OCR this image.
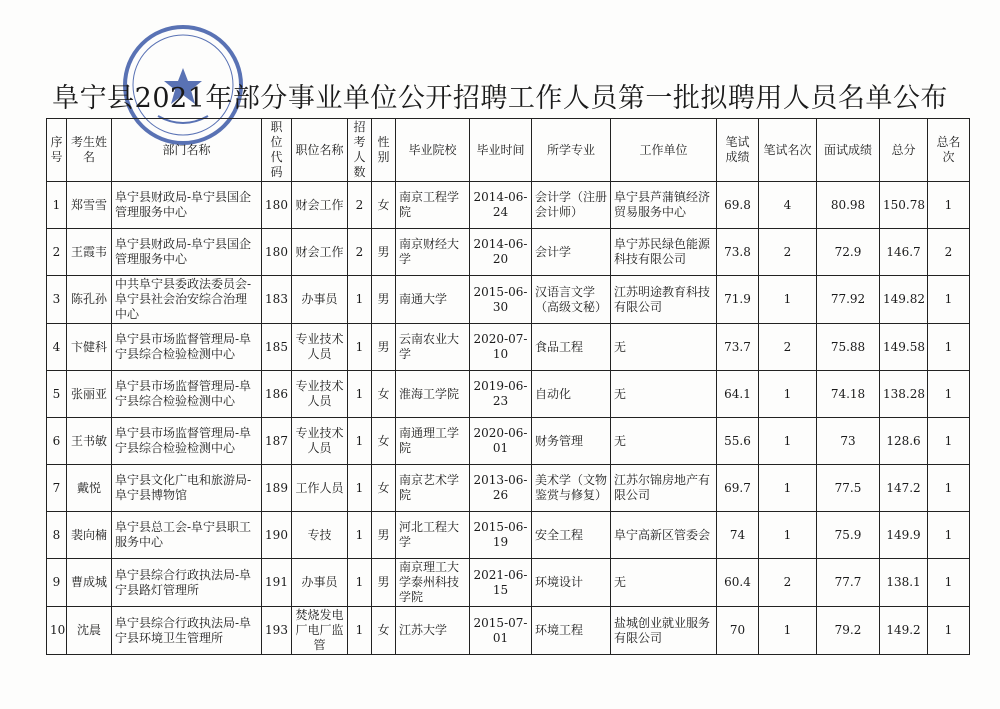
阜宁县2021年部分事业单位公开招聘工作人员第一批拟聘用人员名单公布
序号	考生姓名	部门名称	职位代码	职位名称	招考人数	性别	毕业院校	毕业时间	所学专业	工作单位	笔试成绩	笔试名次	面试成绩	总分	总名次
1	郑雪雪	阜宁县财政局-阜宁县国企管理服务中心	180	财会工作	2	女	南京工程学院	2014-06-24	会计学（注册会计师）	阜宁县芦蒲镇经济贸易服务中心	69.8	4	80.98	150.78	1
2	王霞韦	阜宁县财政局-阜宁县国企管理服务中心	180	财会工作	2	男	南京财经大学	2014-06-20	会计学	阜宁苏民绿色能源科技有限公司	73.8	2	72.9	146.7	2
3	陈孔孙	中共阜宁县委政法委员会-阜宁县社会治安综合治理中心	183	办事员	1	男	南通大学	2015-06-30	汉语言文学（高级文秘）	江苏明途教育科技有限公司	71.9	1	77.92	149.82	1
4	卞健科	阜宁县市场监督管理局-阜宁县综合检验检测中心	185	专业技术人员	1	男	云南农业大学	2020-07-10	食品工程	无	73.7	2	75.88	149.58	1
5	张丽亚	阜宁县市场监督管理局-阜宁县综合检验检测中心	186	专业技术人员	1	女	淮海工学院	2019-06-23	自动化	无	64.1	1	74.18	138.28	1
6	王书敏	阜宁县市场监督管理局-阜宁县综合检验检测中心	187	专业技术人员	1	女	南通理工学院	2020-06-01	财务管理	无	55.6	1	73	128.6	1
7	戴悦	阜宁县文化广电和旅游局-阜宁县博物馆	189	工作人员	1	女	南京艺术学院	2013-06-26	美术学（文物鉴赏与修复）	江苏尔锦房地产有限公司	69.7	1	77.5	147.2	1
8	裴向楠	阜宁县总工会-阜宁县职工服务中心	190	专技	1	男	河北工程大学	2015-06-19	安全工程	阜宁高新区管委会	74	1	75.9	149.9	1
9	曹成城	阜宁县综合行政执法局-阜宁县路灯管理所	191	办事员	1	男	南京理工大学泰州科技学院	2021-06-15	环境设计	无	60.4	2	77.7	138.1	1
10	沈晨	阜宁县综合行政执法局-阜宁县环境卫生管理所	193	焚烧发电厂电厂监管	1	女	江苏大学	2015-07-01	环境工程	盐城创业就业服务有限公司	70	1	79.2	149.2	1
